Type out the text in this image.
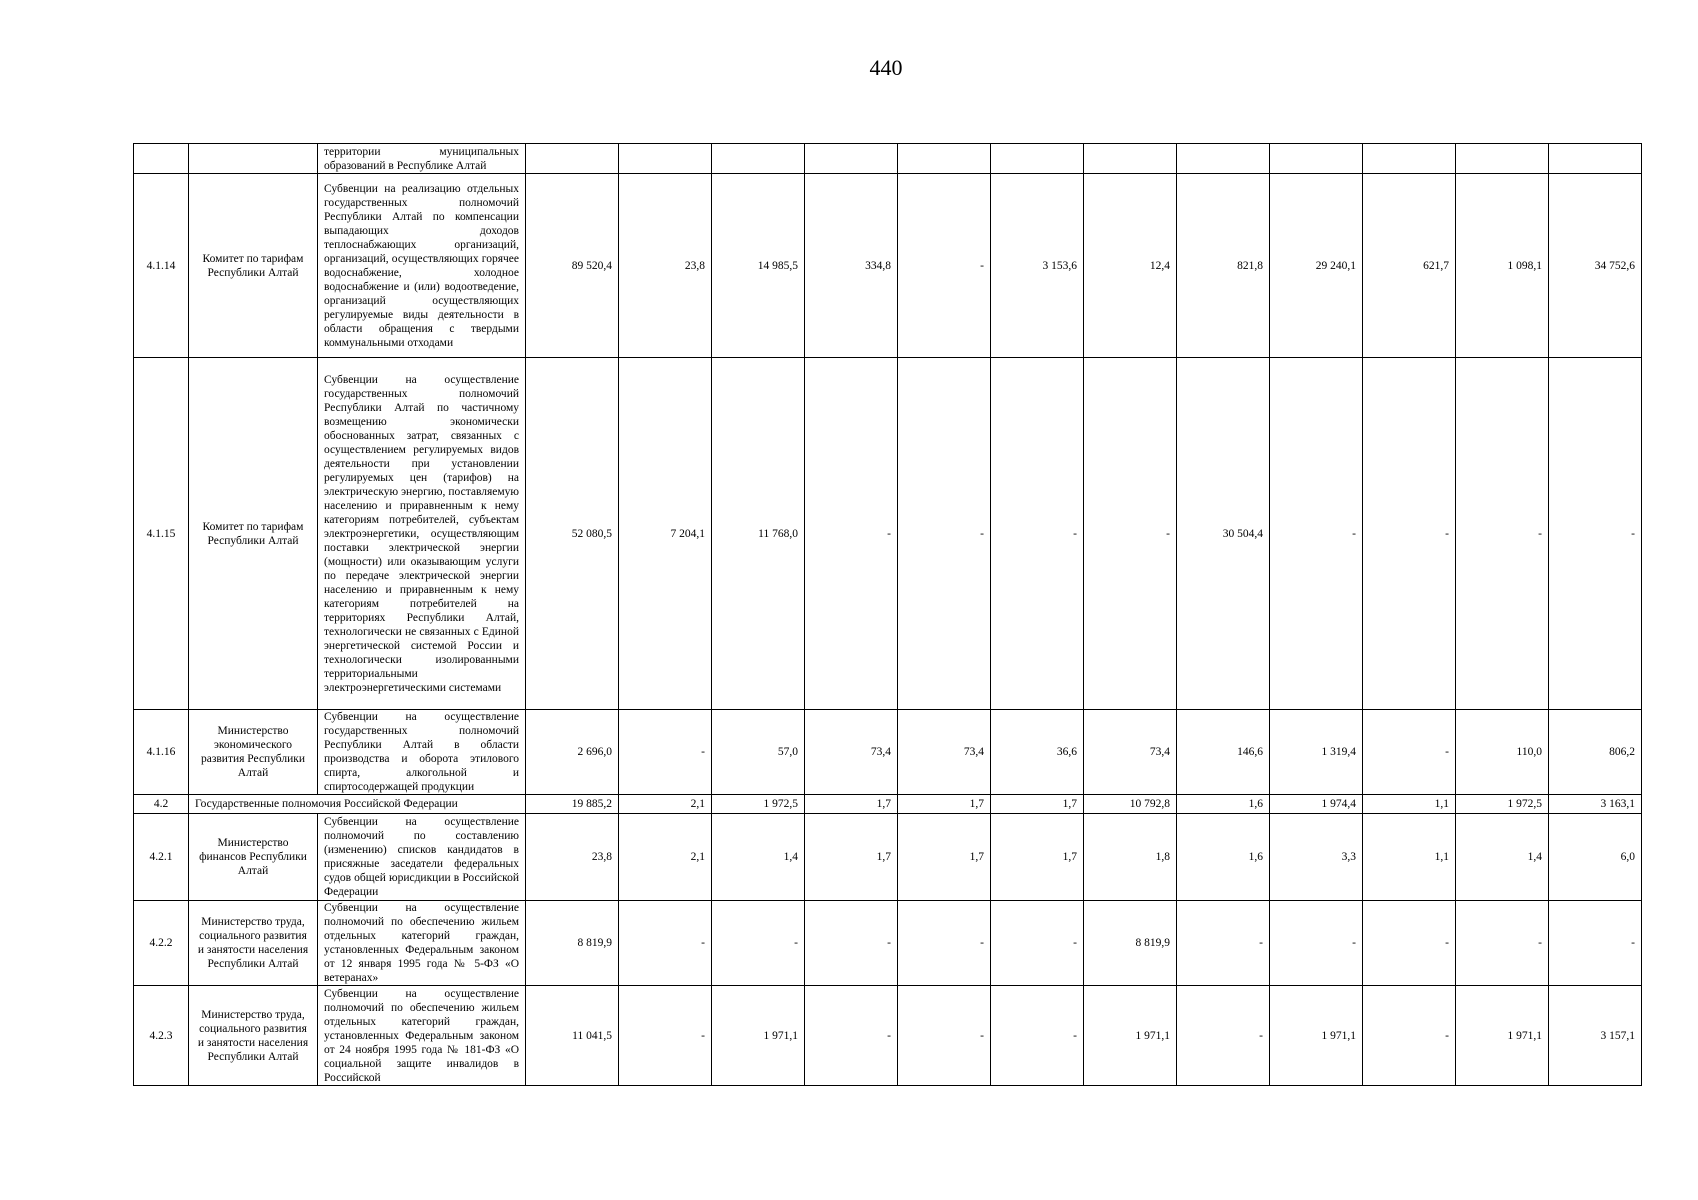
440
		территории муниципальных образований в Республике Алтай												
4.1.14	Комитет по тарифам Республики Алтай	Субвенции на реализацию отдельных государственных полномочий Республики Алтай по компенсации выпадающих доходов теплоснабжающих организаций, организаций, осуществляющих горячее водоснабжение, холодное водоснабжение и (или) водоотведение, организаций осуществляющих регулируемые виды деятельности в области обращения с твердыми коммунальными отходами	89 520,4	23,8	14 985,5	334,8	-	3 153,6	12,4	821,8	29 240,1	621,7	1 098,1	34 752,6
4.1.15	Комитет по тарифам Республики Алтай	Субвенции на осуществление государственных полномочий Республики Алтай по частичному возмещению экономически обоснованных затрат, связанных с осуществлением регулируемых видов деятельности при установлении регулируемых цен (тарифов) на электрическую энергию, поставляемую населению и приравненным к нему категориям потребителей, субъектам электроэнергетики, осуществляющим поставки электрической энергии (мощности) или оказывающим услуги по передаче электрической энергии населению и приравненным к нему категориям потребителей на территориях Республики Алтай, технологически не связанных с Единой энергетической системой России и технологически изолированными территориальными электроэнергетическими системами	52 080,5	7 204,1	11 768,0	-	-	-	-	30 504,4	-	-	-	-
4.1.16	Министерство экономического развития Республики Алтай	Субвенции на осуществление государственных полномочий Республики Алтай в области производства и оборота этилового спирта, алкогольной и спиртосодержащей продукции	2 696,0	-	57,0	73,4	73,4	36,6	73,4	146,6	1 319,4	-	110,0	806,2
4.2	Государственные полномочия Российской Федерации		19 885,2	2,1	1 972,5	1,7	1,7	1,7	10 792,8	1,6	1 974,4	1,1	1 972,5	3 163,1
4.2.1	Министерство финансов Республики Алтай	Субвенции на осуществление полномочий по составлению (изменению) списков кандидатов в присяжные заседатели федеральных судов общей юрисдикции в Российской Федерации	23,8	2,1	1,4	1,7	1,7	1,7	1,8	1,6	3,3	1,1	1,4	6,0
4.2.2	Министерство труда, социального развития и занятости населения Республики Алтай	Субвенции на осуществление полномочий по обеспечению жильем отдельных категорий граждан, установленных Федеральным законом от 12 января 1995 года № 5-ФЗ «О ветеранах»	8 819,9	-	-	-	-	-	8 819,9	-	-	-	-	-
4.2.3	Министерство труда, социального развития и занятости населения Республики Алтай	Субвенции на осуществление полномочий по обеспечению жильем отдельных категорий граждан, установленных Федеральным законом от 24 ноября 1995 года № 181-ФЗ «О социальной защите инвалидов в Российской	11 041,5	-	1 971,1	-	-	-	1 971,1	-	1 971,1	-	1 971,1	3 157,1
